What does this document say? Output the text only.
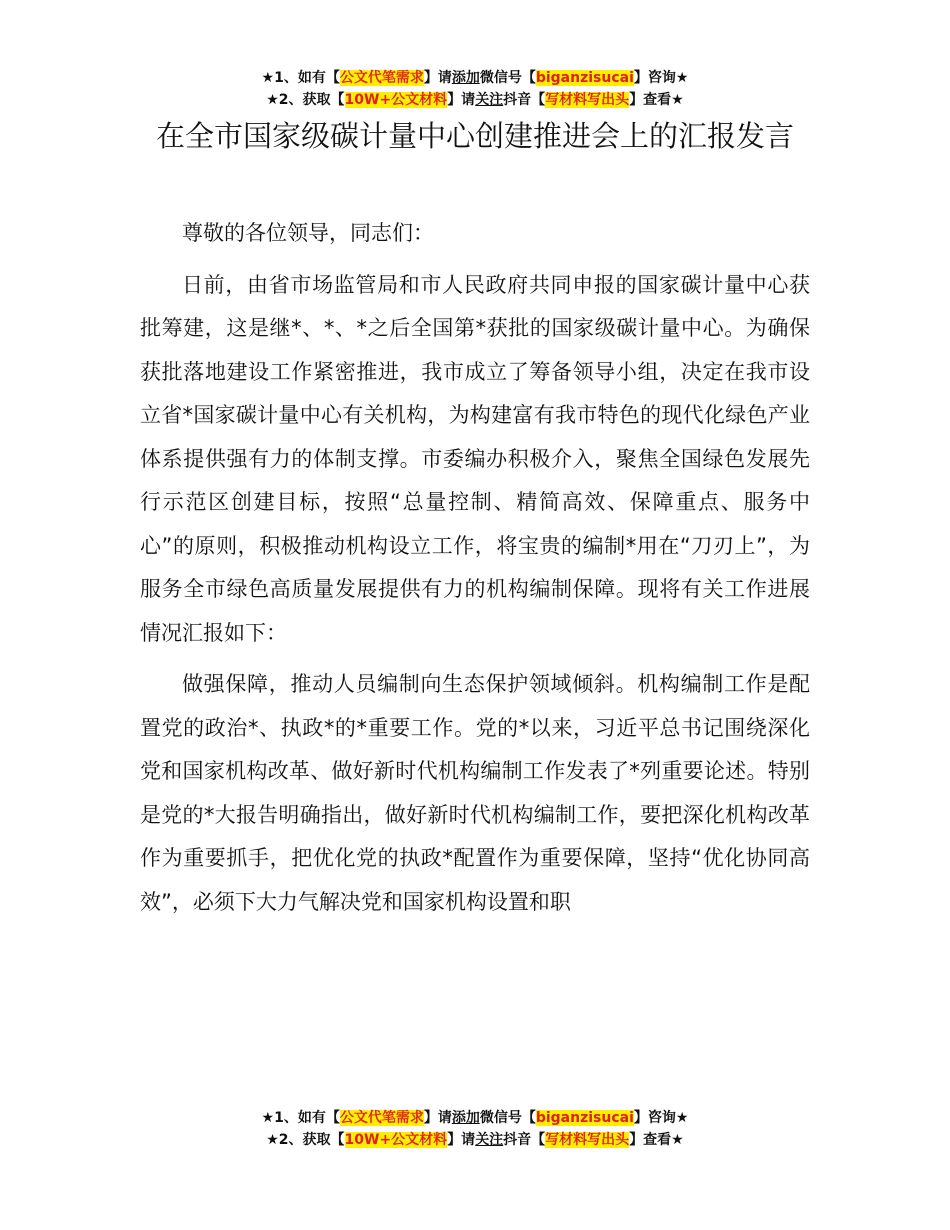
★1、如有【公文代笔需求】请添加微信号【biganzisucai】咨询★
★2、获取【10W+公文材料】请关注抖音【写材料写出头】查看★
在全市国家级碳计量中心创建推进会上的汇报发言

尊敬的各位领导，同志们：

日前，由省市场监管局和市人民政府共同申报的国家碳计量中心获批筹建，这是继*、*、*之后全国第*获批的国家级碳计量中心。为确保获批落地建设工作紧密推进，我市成立了筹备领导小组，决定在我市设立省*国家碳计量中心有关机构，为构建富有我市特色的现代化绿色产业体系提供强有力的体制支撑。市委编办积极介入，聚焦全国绿色发展先行示范区创建目标，按照“总量控制、精简高效、保障重点、服务中心”的原则，积极推动机构设立工作，将宝贵的编制*用在“刀刃上”，为服务全市绿色高质量发展提供有力的机构编制保障。现将有关工作进展情况汇报如下：

做强保障，推动人员编制向生态保护领域倾斜。机构编制工作是配置党的政治*、执政*的*重要工作。党的*以来，习近平总书记围绕深化党和国家机构改革、做好新时代机构编制工作发表了*列重要论述。特别是党的*大报告明确指出，做好新时代机构编制工作，要把深化机构改革作为重要抓手，把优化党的执政*配置作为重要保障，坚持“优化协同高效”，必须下大力气解决党和国家机构设置和职

★1、如有【公文代笔需求】请添加微信号【biganzisucai】咨询★
★2、获取【10W+公文材料】请关注抖音【写材料写出头】查看★
